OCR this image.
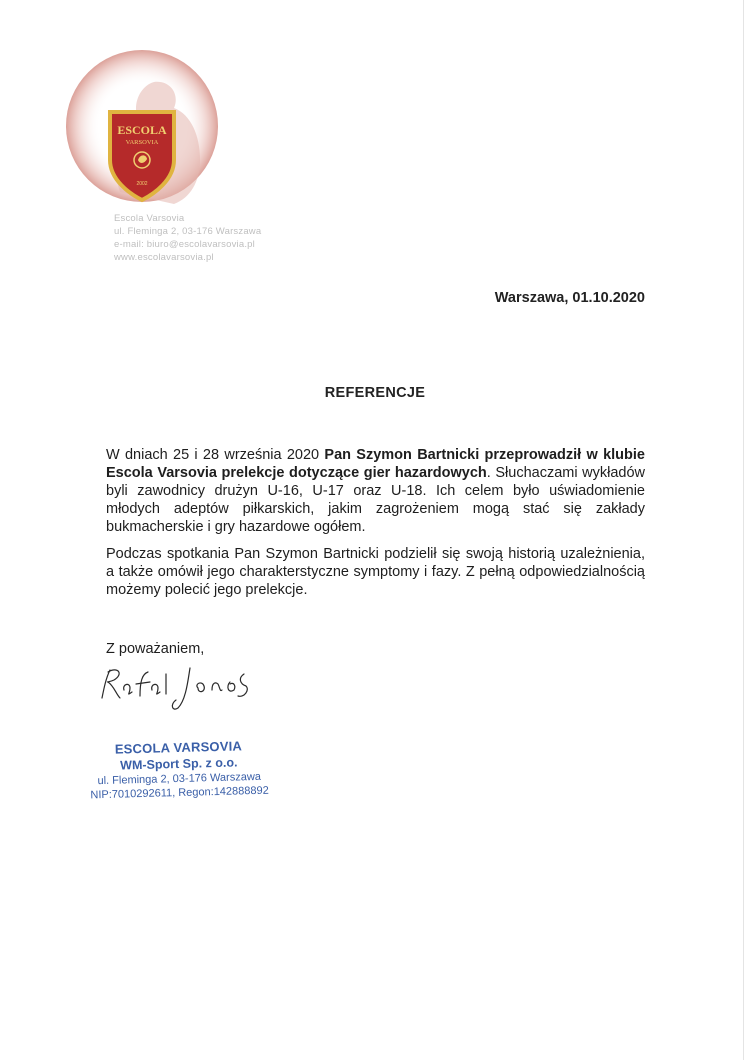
ESCOLA
VARSOVIA
2002
Escola Varsovia
ul. Fleminga 2, 03-176 Warszawa
e-mail: biuro@escolavarsovia.pl
www.escolavarsovia.pl
Warszawa, 01.10.2020
REFERENCJE
W dniach 25 i 28 września 2020 Pan Szymon Bartnicki przeprowadził w klubie Escola Varsovia prelekcje dotyczące gier hazardowych. Słuchaczami wykładów byli zawodnicy drużyn U-16, U-17 oraz U-18. Ich celem było uświadomienie młodych adeptów piłkarskich, jakim zagrożeniem mogą stać się zakłady bukmacherskie i gry hazardowe ogółem.
Podczas spotkania Pan Szymon Bartnicki podzielił się swoją historią uzależnienia, a także omówił jego charakterstyczne symptomy i fazy. Z pełną odpowiedzialnością możemy polecić jego prelekcje.
Z poważaniem,
ESCOLA VARSOVIA
WM-Sport Sp. z o.o.
ul. Fleminga 2, 03-176 Warszawa
NIP:7010292611, Regon:142888892
